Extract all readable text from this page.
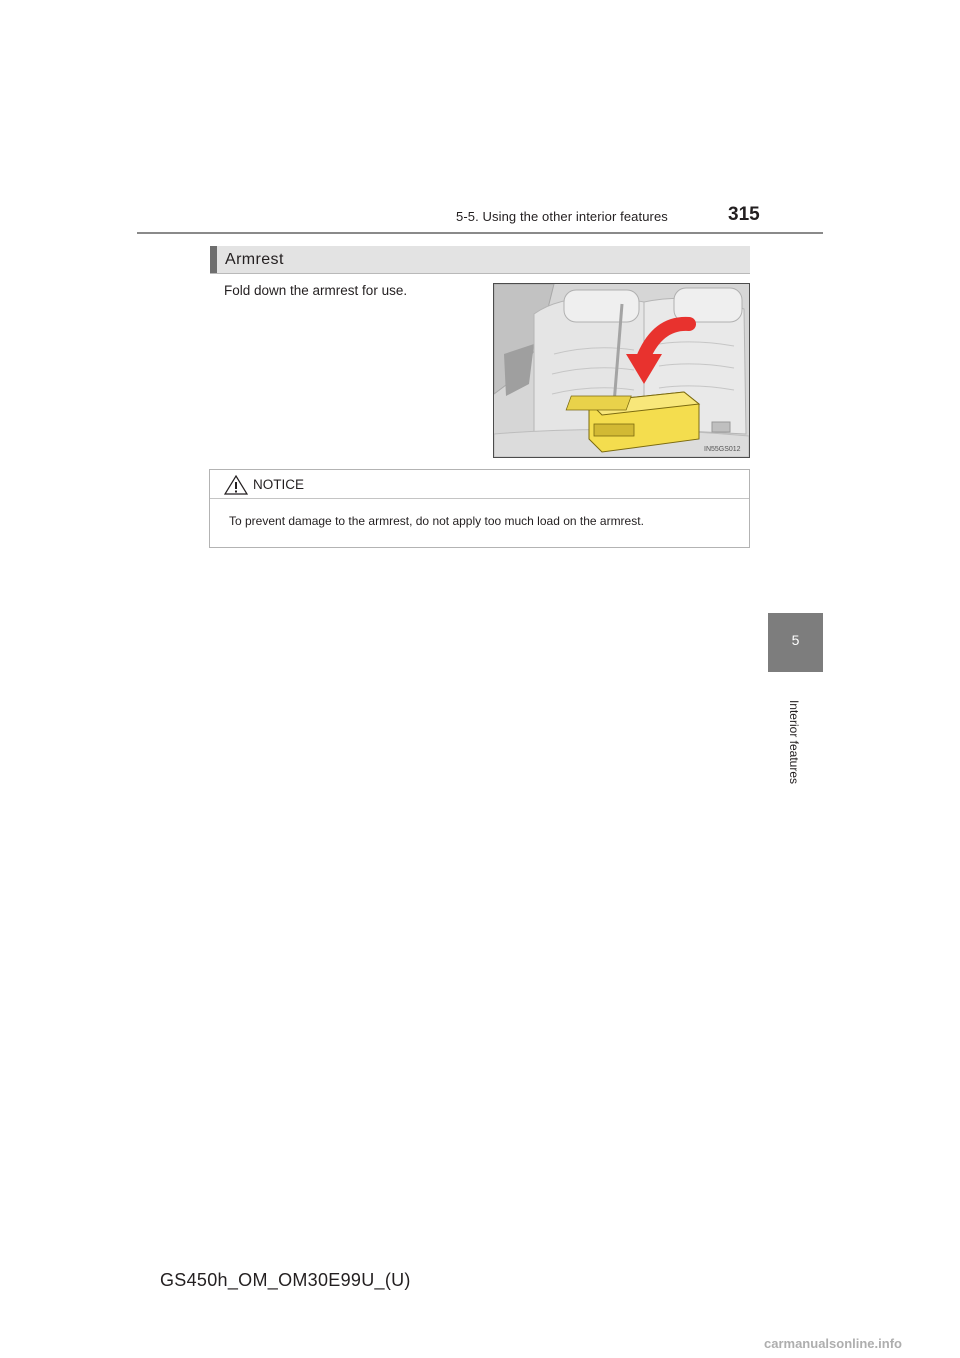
5-5. Using the other interior features	315
Armrest
Fold down the armrest for use.
IN55GS012
NOTICE
To prevent damage to the armrest, do not apply too much load on the armrest.
5
Interior features
GS450h_OM_OM30E99U_(U)
carmanualsonline.info
